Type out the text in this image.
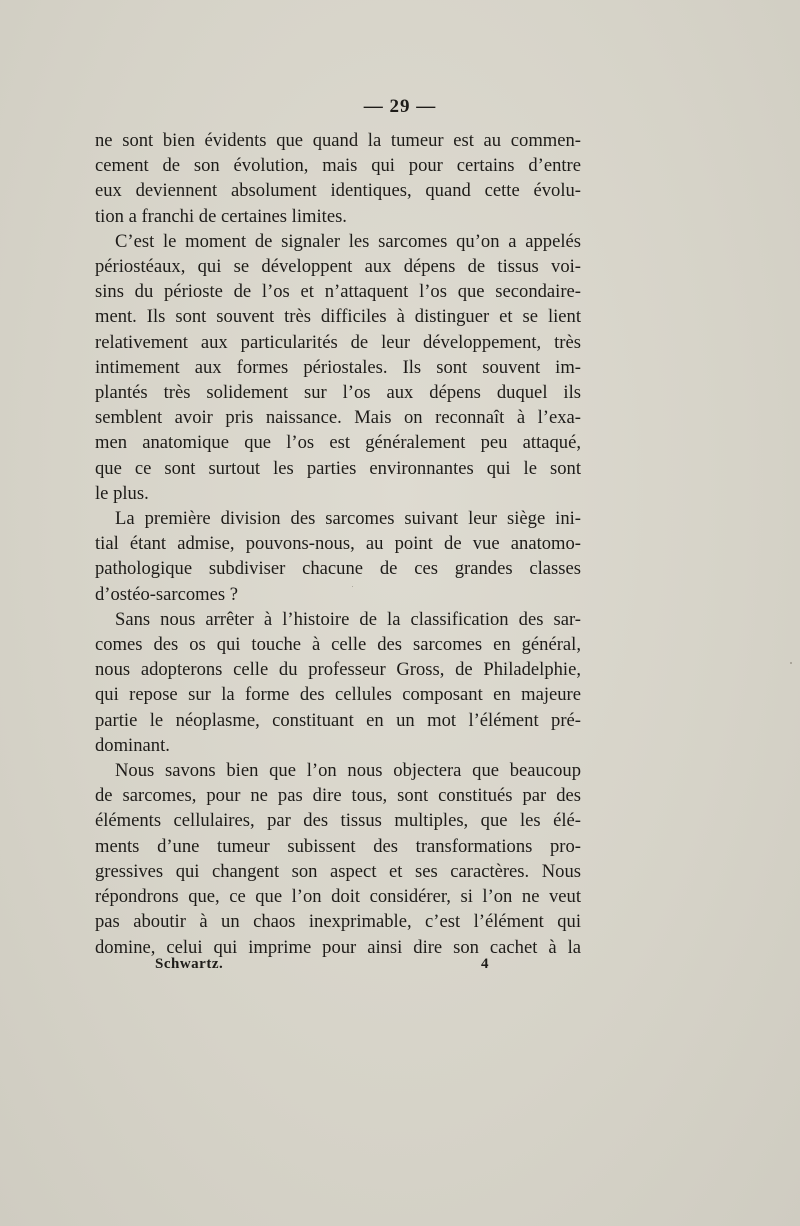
— 29 —
ne sont bien évidents que quand la tumeur est au commen-
cement de son évolution, mais qui pour certains d’entre
eux deviennent absolument identiques, quand cette évolu-
tion a franchi de certaines limites.
C’est le moment de signaler les sarcomes qu’on a appelés
périostéaux, qui se développent aux dépens de tissus voi-
sins du périoste de l’os et n’attaquent l’os que secondaire-
ment. Ils sont souvent très difficiles à distinguer et se lient
relativement aux particularités de leur développement, très
intimement aux formes périostales. Ils sont souvent im-
plantés très solidement sur l’os aux dépens duquel ils
semblent avoir pris naissance. Mais on reconnaît à l’exa-
men anatomique que l’os est généralement peu attaqué,
que ce sont surtout les parties environnantes qui le sont
le plus.
La première division des sarcomes suivant leur siège ini-
tial étant admise, pouvons-nous, au point de vue anatomo-
pathologique subdiviser chacune de ces grandes classes
d’ostéo-sarcomes ?
Sans nous arrêter à l’histoire de la classification des sar-
comes des os qui touche à celle des sarcomes en général,
nous adopterons celle du professeur Gross, de Philadelphie,
qui repose sur la forme des cellules composant en majeure
partie le néoplasme, constituant en un mot l’élément pré-
dominant.
Nous savons bien que l’on nous objectera que beaucoup
de sarcomes, pour ne pas dire tous, sont constitués par des
éléments cellulaires, par des tissus multiples, que les élé-
ments d’une tumeur subissent des transformations pro-
gressives qui changent son aspect et ses caractères. Nous
répondrons que, ce que l’on doit considérer, si l’on ne veut
pas aboutir à un chaos inexprimable, c’est l’élément qui
domine, celui qui imprime pour ainsi dire son cachet à la
Schwartz.	4
